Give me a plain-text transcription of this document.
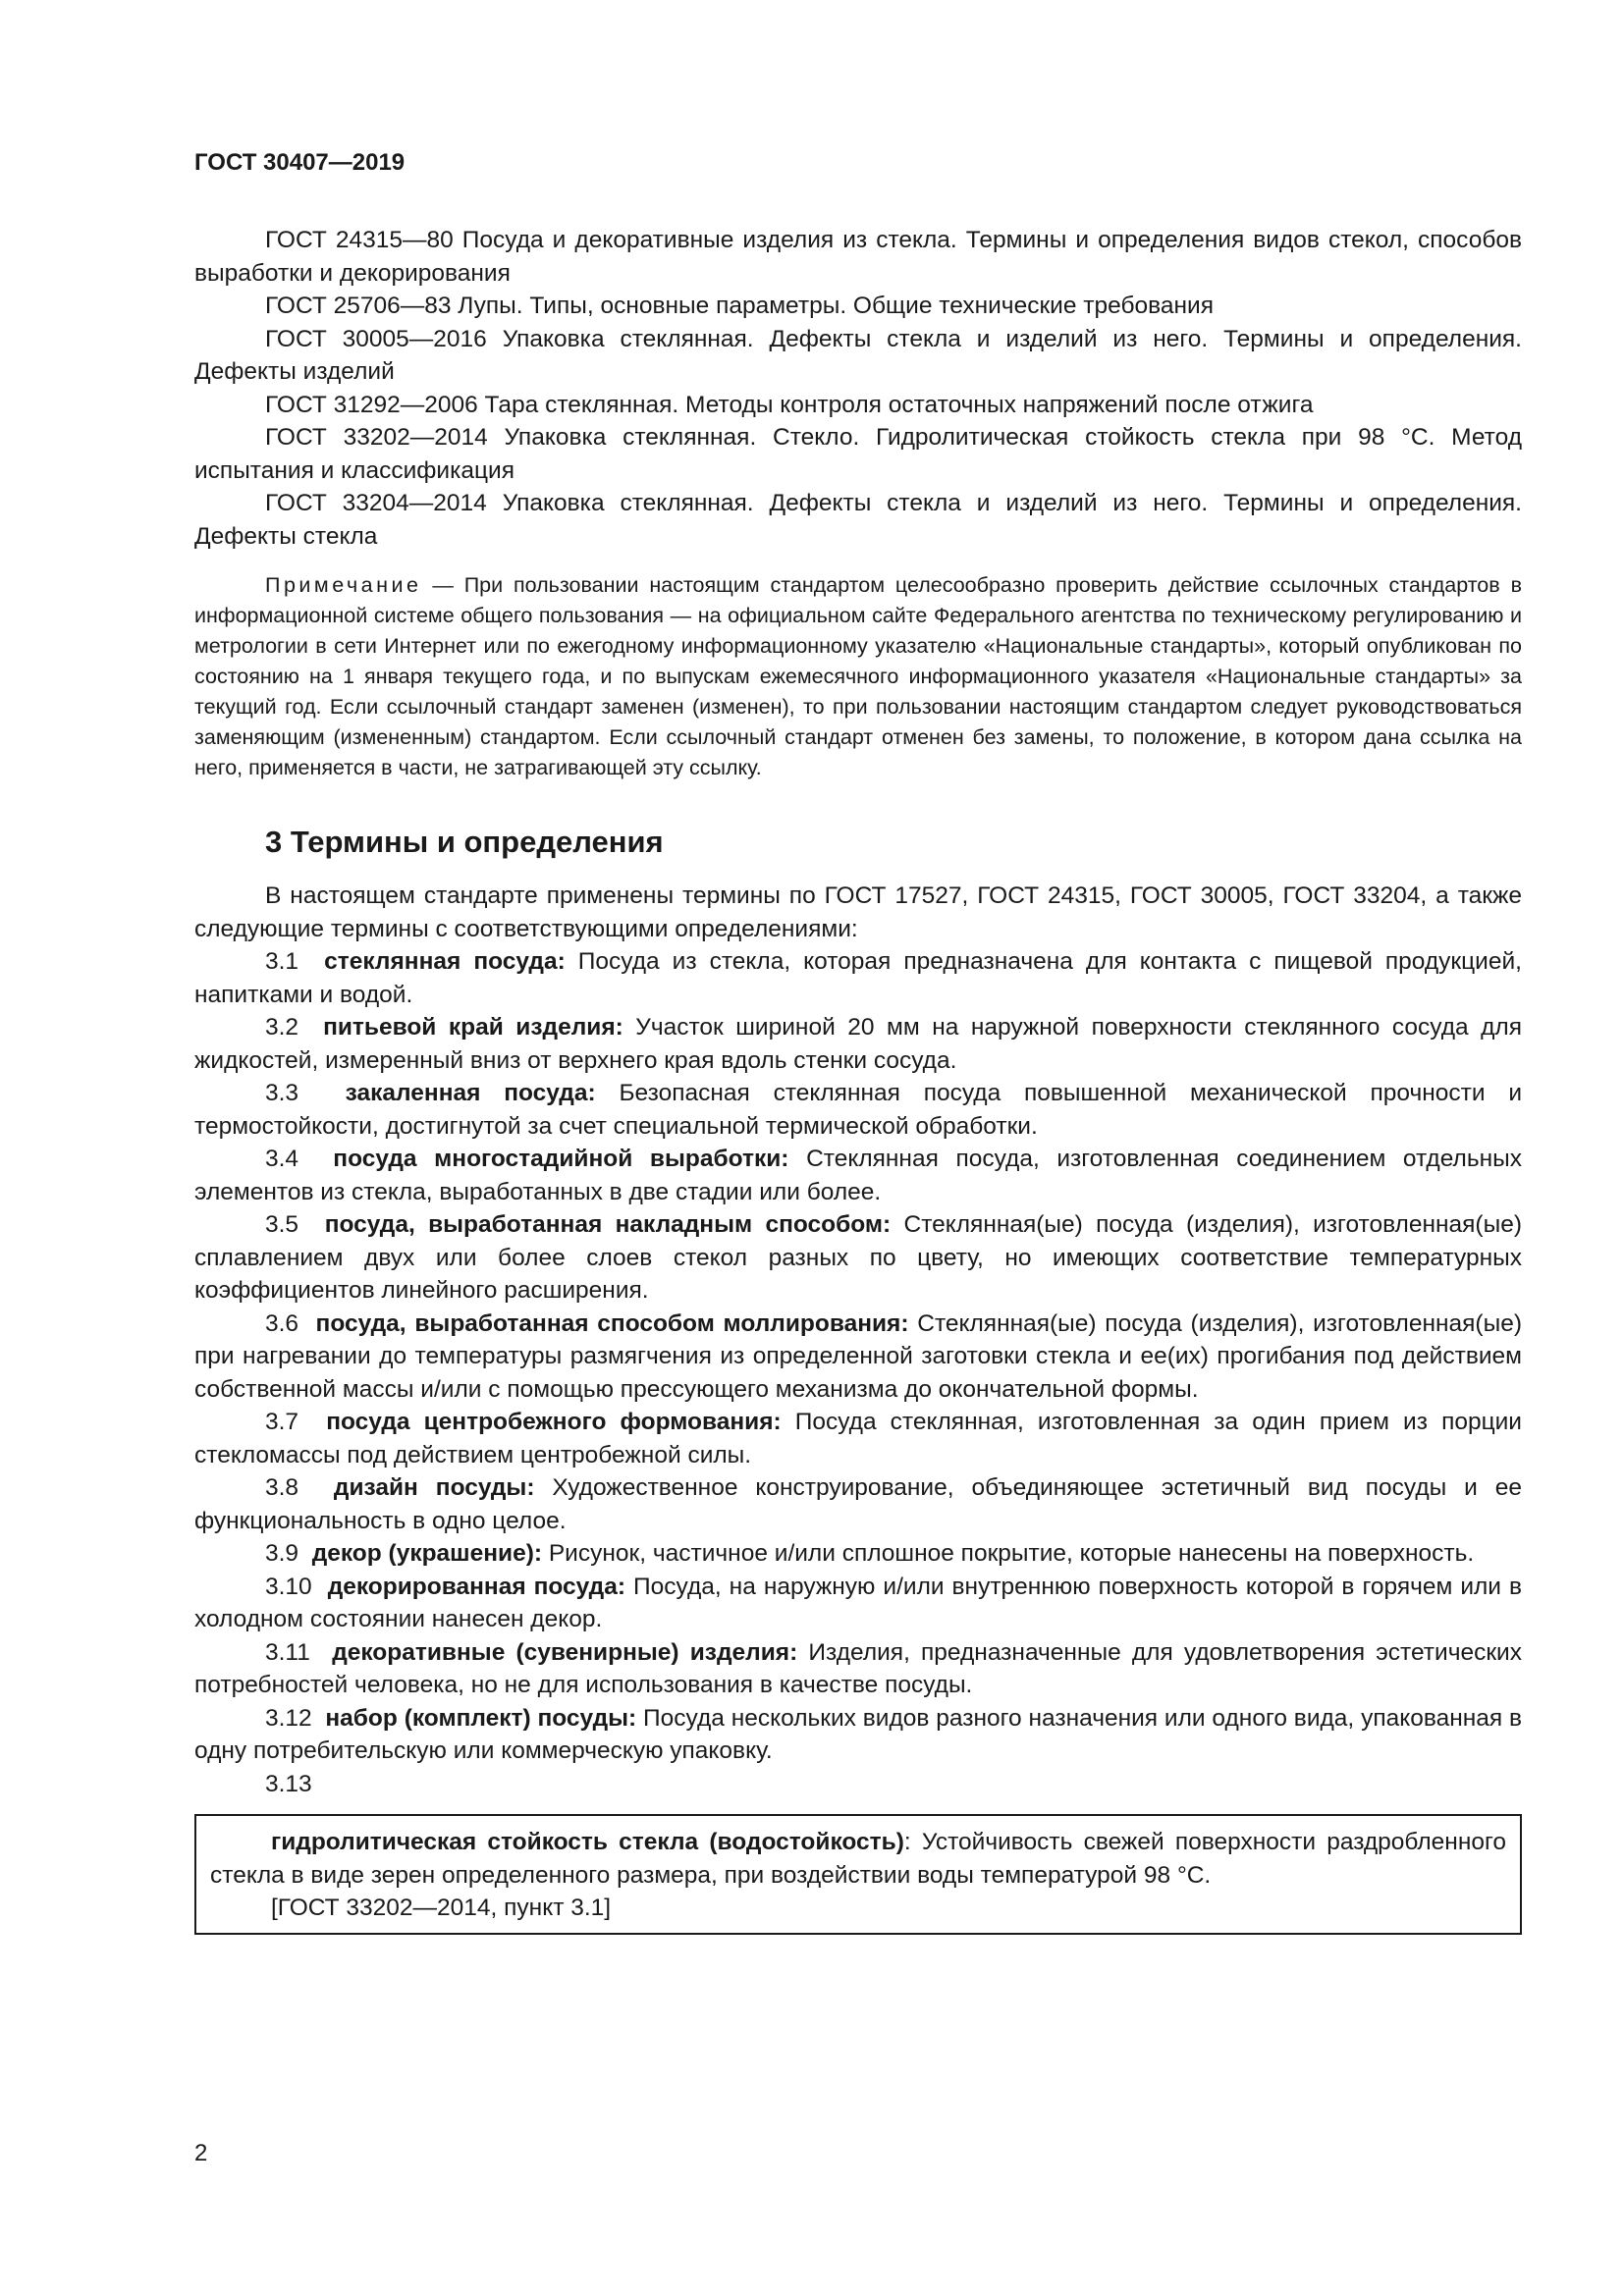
ГОСТ 30407—2019

ГОСТ 24315—80 Посуда и декоративные изделия из стекла. Термины и определения видов стекол, способов выработки и декорирования

ГОСТ 25706—83 Лупы. Типы, основные параметры. Общие технические требования

ГОСТ 30005—2016 Упаковка стеклянная. Дефекты стекла и изделий из него. Термины и определения. Дефекты изделий

ГОСТ 31292—2006 Тара стеклянная. Методы контроля остаточных напряжений после отжига

ГОСТ 33202—2014 Упаковка стеклянная. Стекло. Гидролитическая стойкость стекла при 98 °С. Метод испытания и классификация

ГОСТ 33204—2014 Упаковка стеклянная. Дефекты стекла и изделий из него. Термины и определения. Дефекты стекла

Примечание — При пользовании настоящим стандартом целесообразно проверить действие ссылочных стандартов в информационной системе общего пользования — на официальном сайте Федерального агентства по техническому регулированию и метрологии в сети Интернет или по ежегодному информационному указателю «Национальные стандарты», который опубликован по состоянию на 1 января текущего года, и по выпускам ежемесячного информационного указателя «Национальные стандарты» за текущий год. Если ссылочный стандарт заменен (изменен), то при пользовании настоящим стандартом следует руководствоваться заменяющим (измененным) стандартом. Если ссылочный стандарт отменен без замены, то положение, в котором дана ссылка на него, применяется в части, не затрагивающей эту ссылку.

3 Термины и определения

В настоящем стандарте применены термины по ГОСТ 17527, ГОСТ 24315, ГОСТ 30005, ГОСТ 33204, а также следующие термины с соответствующими определениями:

3.1 стеклянная посуда: Посуда из стекла, которая предназначена для контакта с пищевой продукцией, напитками и водой.

3.2 питьевой край изделия: Участок шириной 20 мм на наружной поверхности стеклянного сосуда для жидкостей, измеренный вниз от верхнего края вдоль стенки сосуда.

3.3 закаленная посуда: Безопасная стеклянная посуда повышенной механической прочности и термостойкости, достигнутой за счет специальной термической обработки.

3.4 посуда многостадийной выработки: Стеклянная посуда, изготовленная соединением отдельных элементов из стекла, выработанных в две стадии или более.

3.5 посуда, выработанная накладным способом: Стеклянная(ые) посуда (изделия), изготовленная(ые) сплавлением двух или более слоев стекол разных по цвету, но имеющих соответствие температурных коэффициентов линейного расширения.

3.6 посуда, выработанная способом моллирования: Стеклянная(ые) посуда (изделия), изготовленная(ые) при нагревании до температуры размягчения из определенной заготовки стекла и ее(их) прогибания под действием собственной массы и/или с помощью прессующего механизма до окончательной формы.

3.7 посуда центробежного формования: Посуда стеклянная, изготовленная за один прием из порции стекломассы под действием центробежной силы.

3.8 дизайн посуды: Художественное конструирование, объединяющее эстетичный вид посуды и ее функциональность в одно целое.

3.9 декор (украшение): Рисунок, частичное и/или сплошное покрытие, которые нанесены на поверхность.

3.10 декорированная посуда: Посуда, на наружную и/или внутреннюю поверхность которой в горячем или в холодном состоянии нанесен декор.

3.11 декоративные (сувенирные) изделия: Изделия, предназначенные для удовлетворения эстетических потребностей человека, но не для использования в качестве посуды.

3.12 набор (комплект) посуды: Посуда нескольких видов разного назначения или одного вида, упакованная в одну потребительскую или коммерческую упаковку.

3.13

гидролитическая стойкость стекла (водостойкость): Устойчивость свежей поверхности раздробленного стекла в виде зерен определенного размера, при воздействии воды температурой 98 °С.

[ГОСТ 33202—2014, пункт 3.1]
2
